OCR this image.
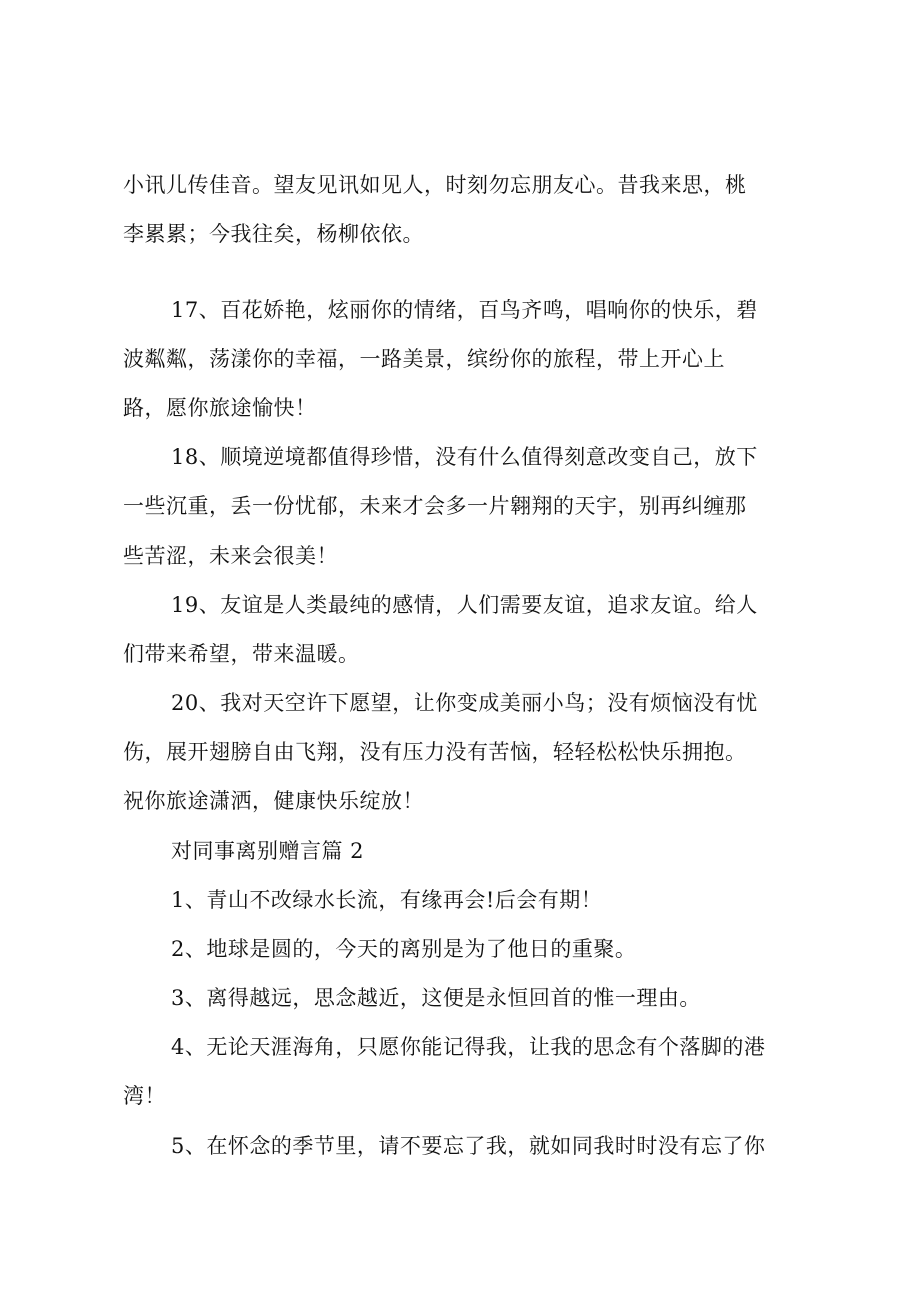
小讯儿传佳音。望友见讯如见人，时刻勿忘朋友心。昔我来思，桃
李累累；今我往矣，杨柳依依。
17、百花娇艳，炫丽你的情绪，百鸟齐鸣，唱响你的快乐，碧
波粼粼，荡漾你的幸福，一路美景，缤纷你的旅程，带上开心上
路，愿你旅途愉快！
18、顺境逆境都值得珍惜，没有什么值得刻意改变自己，放下
一些沉重，丢一份忧郁，未来才会多一片翱翔的天宇，别再纠缠那
些苦涩，未来会很美！
19、友谊是人类最纯的感情，人们需要友谊，追求友谊。给人
们带来希望，带来温暖。
20、我对天空许下愿望，让你变成美丽小鸟；没有烦恼没有忧
伤，展开翅膀自由飞翔，没有压力没有苦恼，轻轻松松快乐拥抱。
祝你旅途潇洒，健康快乐绽放！
对同事离别赠言篇 2
1、青山不改绿水长流，有缘再会!后会有期！
2、地球是圆的，今天的离别是为了他日的重聚。
3、离得越远，思念越近，这便是永恒回首的惟一理由。
4、无论天涯海角，只愿你能记得我，让我的思念有个落脚的港
湾！
5、在怀念的季节里，请不要忘了我，就如同我时时没有忘了你
